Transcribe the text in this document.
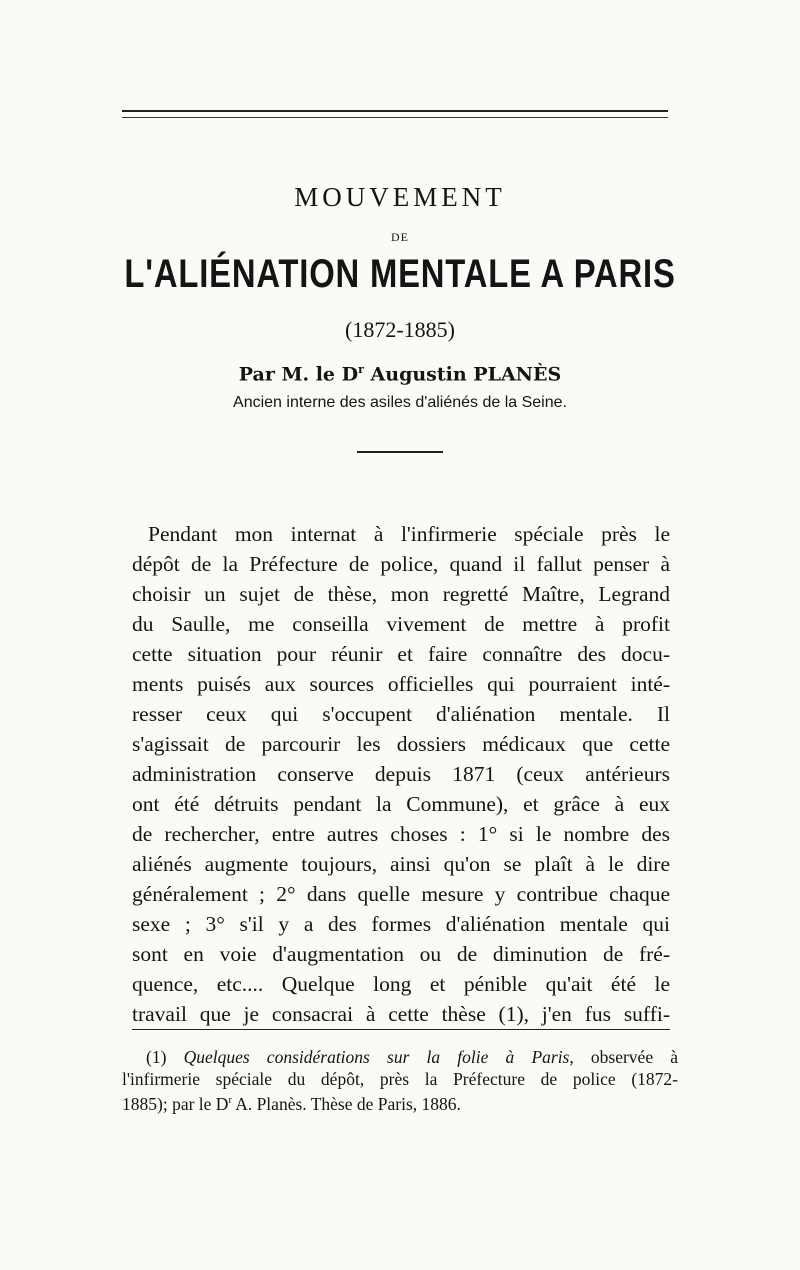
MOUVEMENT
DE
L'ALIÉNATION MENTALE A PARIS
(1872-1885)
Par M. le $D^r$ Augustin PLANÈS
Ancien interne des asiles d'aliénés de la Seine.
Pendant mon internat à l'infirmerie spéciale près le
dépôt de la Préfecture de police, quand il fallut penser à
choisir un sujet de thèse, mon regretté Maître, Legrand
du Saulle, me conseilla vivement de mettre à profit
cette situation pour réunir et faire connaître des docu-
ments puisés aux sources officielles qui pourraient inté-
resser ceux qui s'occupent d'aliénation mentale. Il
s'agissait de parcourir les dossiers médicaux que cette
administration conserve depuis 1871 (ceux antérieurs
ont été détruits pendant la Commune), et grâce à eux
de rechercher, entre autres choses : 1° si le nombre des
aliénés augmente toujours, ainsi qu'on se plaît à le dire
généralement ; 2° dans quelle mesure y contribue chaque
sexe ; 3° s'il y a des formes d'aliénation mentale qui
sont en voie d'augmentation ou de diminution de fré-
quence, etc.... Quelque long et pénible qu'ait été le
travail que je consacrai à cette thèse (1), j'en fus suffi-
(1) Quelques considérations sur la folie à Paris, observée à
l'infirmerie spéciale du dépôt, près la Préfecture de police (1872-
1885); par le $D^r$ A. Planès. Thèse de Paris, 1886.
